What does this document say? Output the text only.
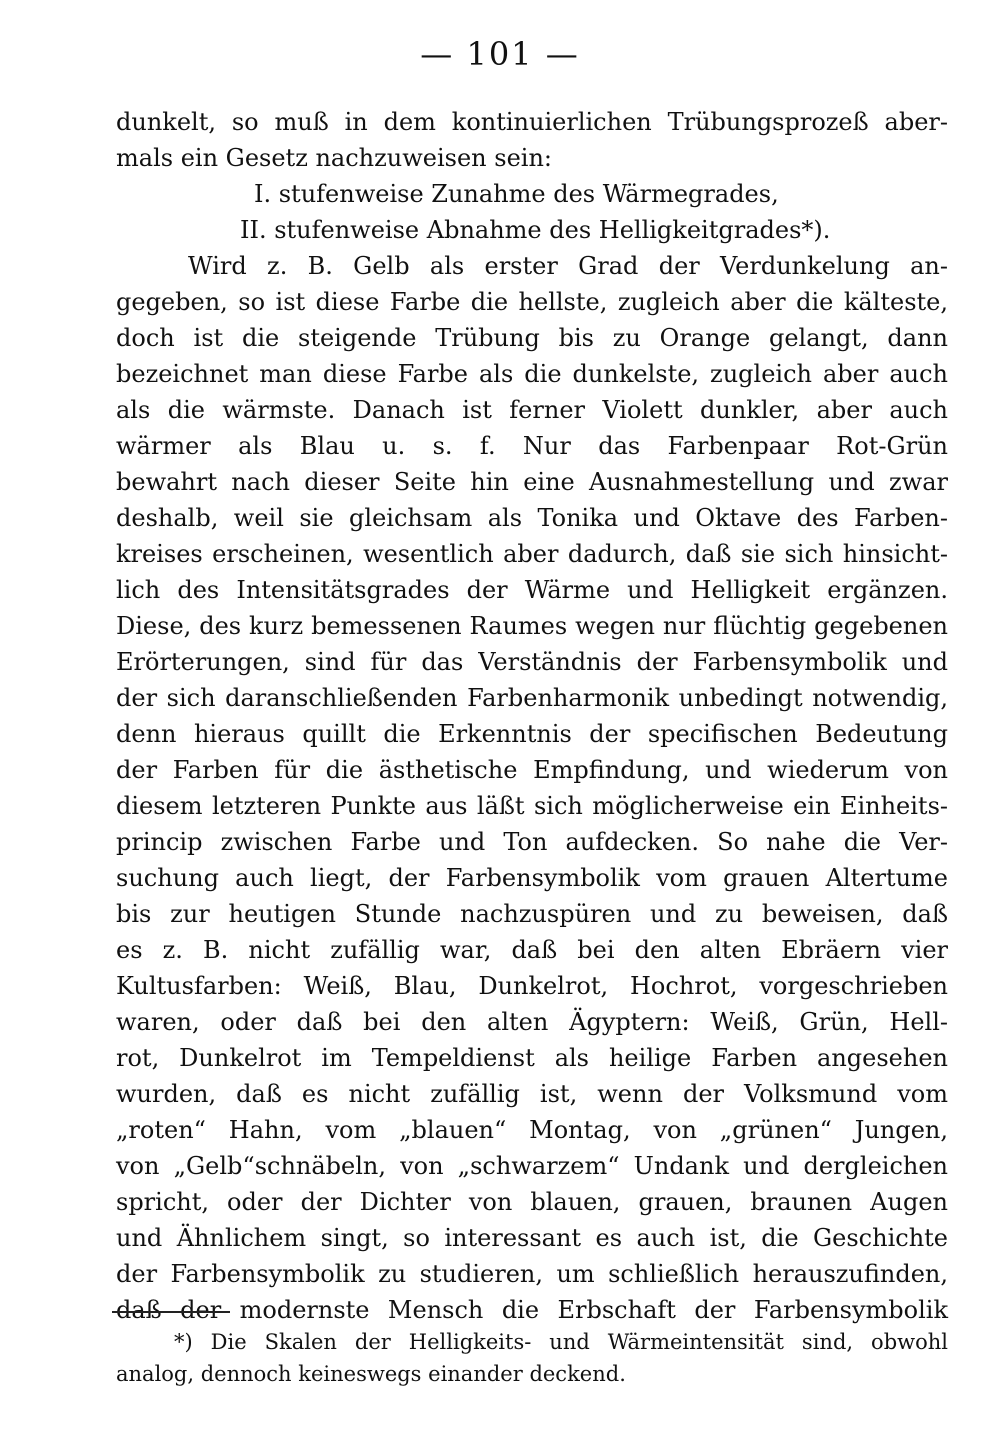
— 101 —
dunkelt, so muß in dem kontinuierlichen Trübungsprozeß aber-
mals ein Gesetz nachzuweisen sein:
I. stufenweise Zunahme des Wärmegrades,
II. stufenweise Abnahme des Helligkeitgrades*).
Wird z. B. Gelb als erster Grad der Verdunkelung an-
gegeben, so ist diese Farbe die hellste, zugleich aber die kälteste,
doch ist die steigende Trübung bis zu Orange gelangt, dann
bezeichnet man diese Farbe als die dunkelste, zugleich aber auch
als die wärmste. Danach ist ferner Violett dunkler, aber auch
wärmer als Blau u. s. f. Nur das Farbenpaar Rot-Grün
bewahrt nach dieser Seite hin eine Ausnahmestellung und zwar
deshalb, weil sie gleichsam als Tonika und Oktave des Farben-
kreises erscheinen, wesentlich aber dadurch, daß sie sich hinsicht-
lich des Intensitätsgrades der Wärme und Helligkeit ergänzen.
Diese, des kurz bemessenen Raumes wegen nur flüchtig gegebenen
Erörterungen, sind für das Verständnis der Farbensymbolik und
der sich daranschließenden Farbenharmonik unbedingt notwendig,
denn hieraus quillt die Erkenntnis der specifischen Bedeutung
der Farben für die ästhetische Empfindung, und wiederum von
diesem letzteren Punkte aus läßt sich möglicherweise ein Einheits-
princip zwischen Farbe und Ton aufdecken. So nahe die Ver-
suchung auch liegt, der Farbensymbolik vom grauen Altertume
bis zur heutigen Stunde nachzuspüren und zu beweisen, daß
es z. B. nicht zufällig war, daß bei den alten Ebräern vier
Kultusfarben: Weiß, Blau, Dunkelrot, Hochrot, vorgeschrieben
waren, oder daß bei den alten Ägyptern: Weiß, Grün, Hell-
rot, Dunkelrot im Tempeldienst als heilige Farben angesehen
wurden, daß es nicht zufällig ist, wenn der Volksmund vom
„roten“ Hahn, vom „blauen“ Montag, von „grünen“ Jungen,
von „Gelb“schnäbeln, von „schwarzem“ Undank und dergleichen
spricht, oder der Dichter von blauen, grauen, braunen Augen
und Ähnlichem singt, so interessant es auch ist, die Geschichte
der Farbensymbolik zu studieren, um schließlich herauszufinden,
daß der modernste Mensch die Erbschaft der Farbensymbolik
*) Die Skalen der Helligkeits- und Wärmeintensität sind, obwohl
analog, dennoch keineswegs einander deckend.
